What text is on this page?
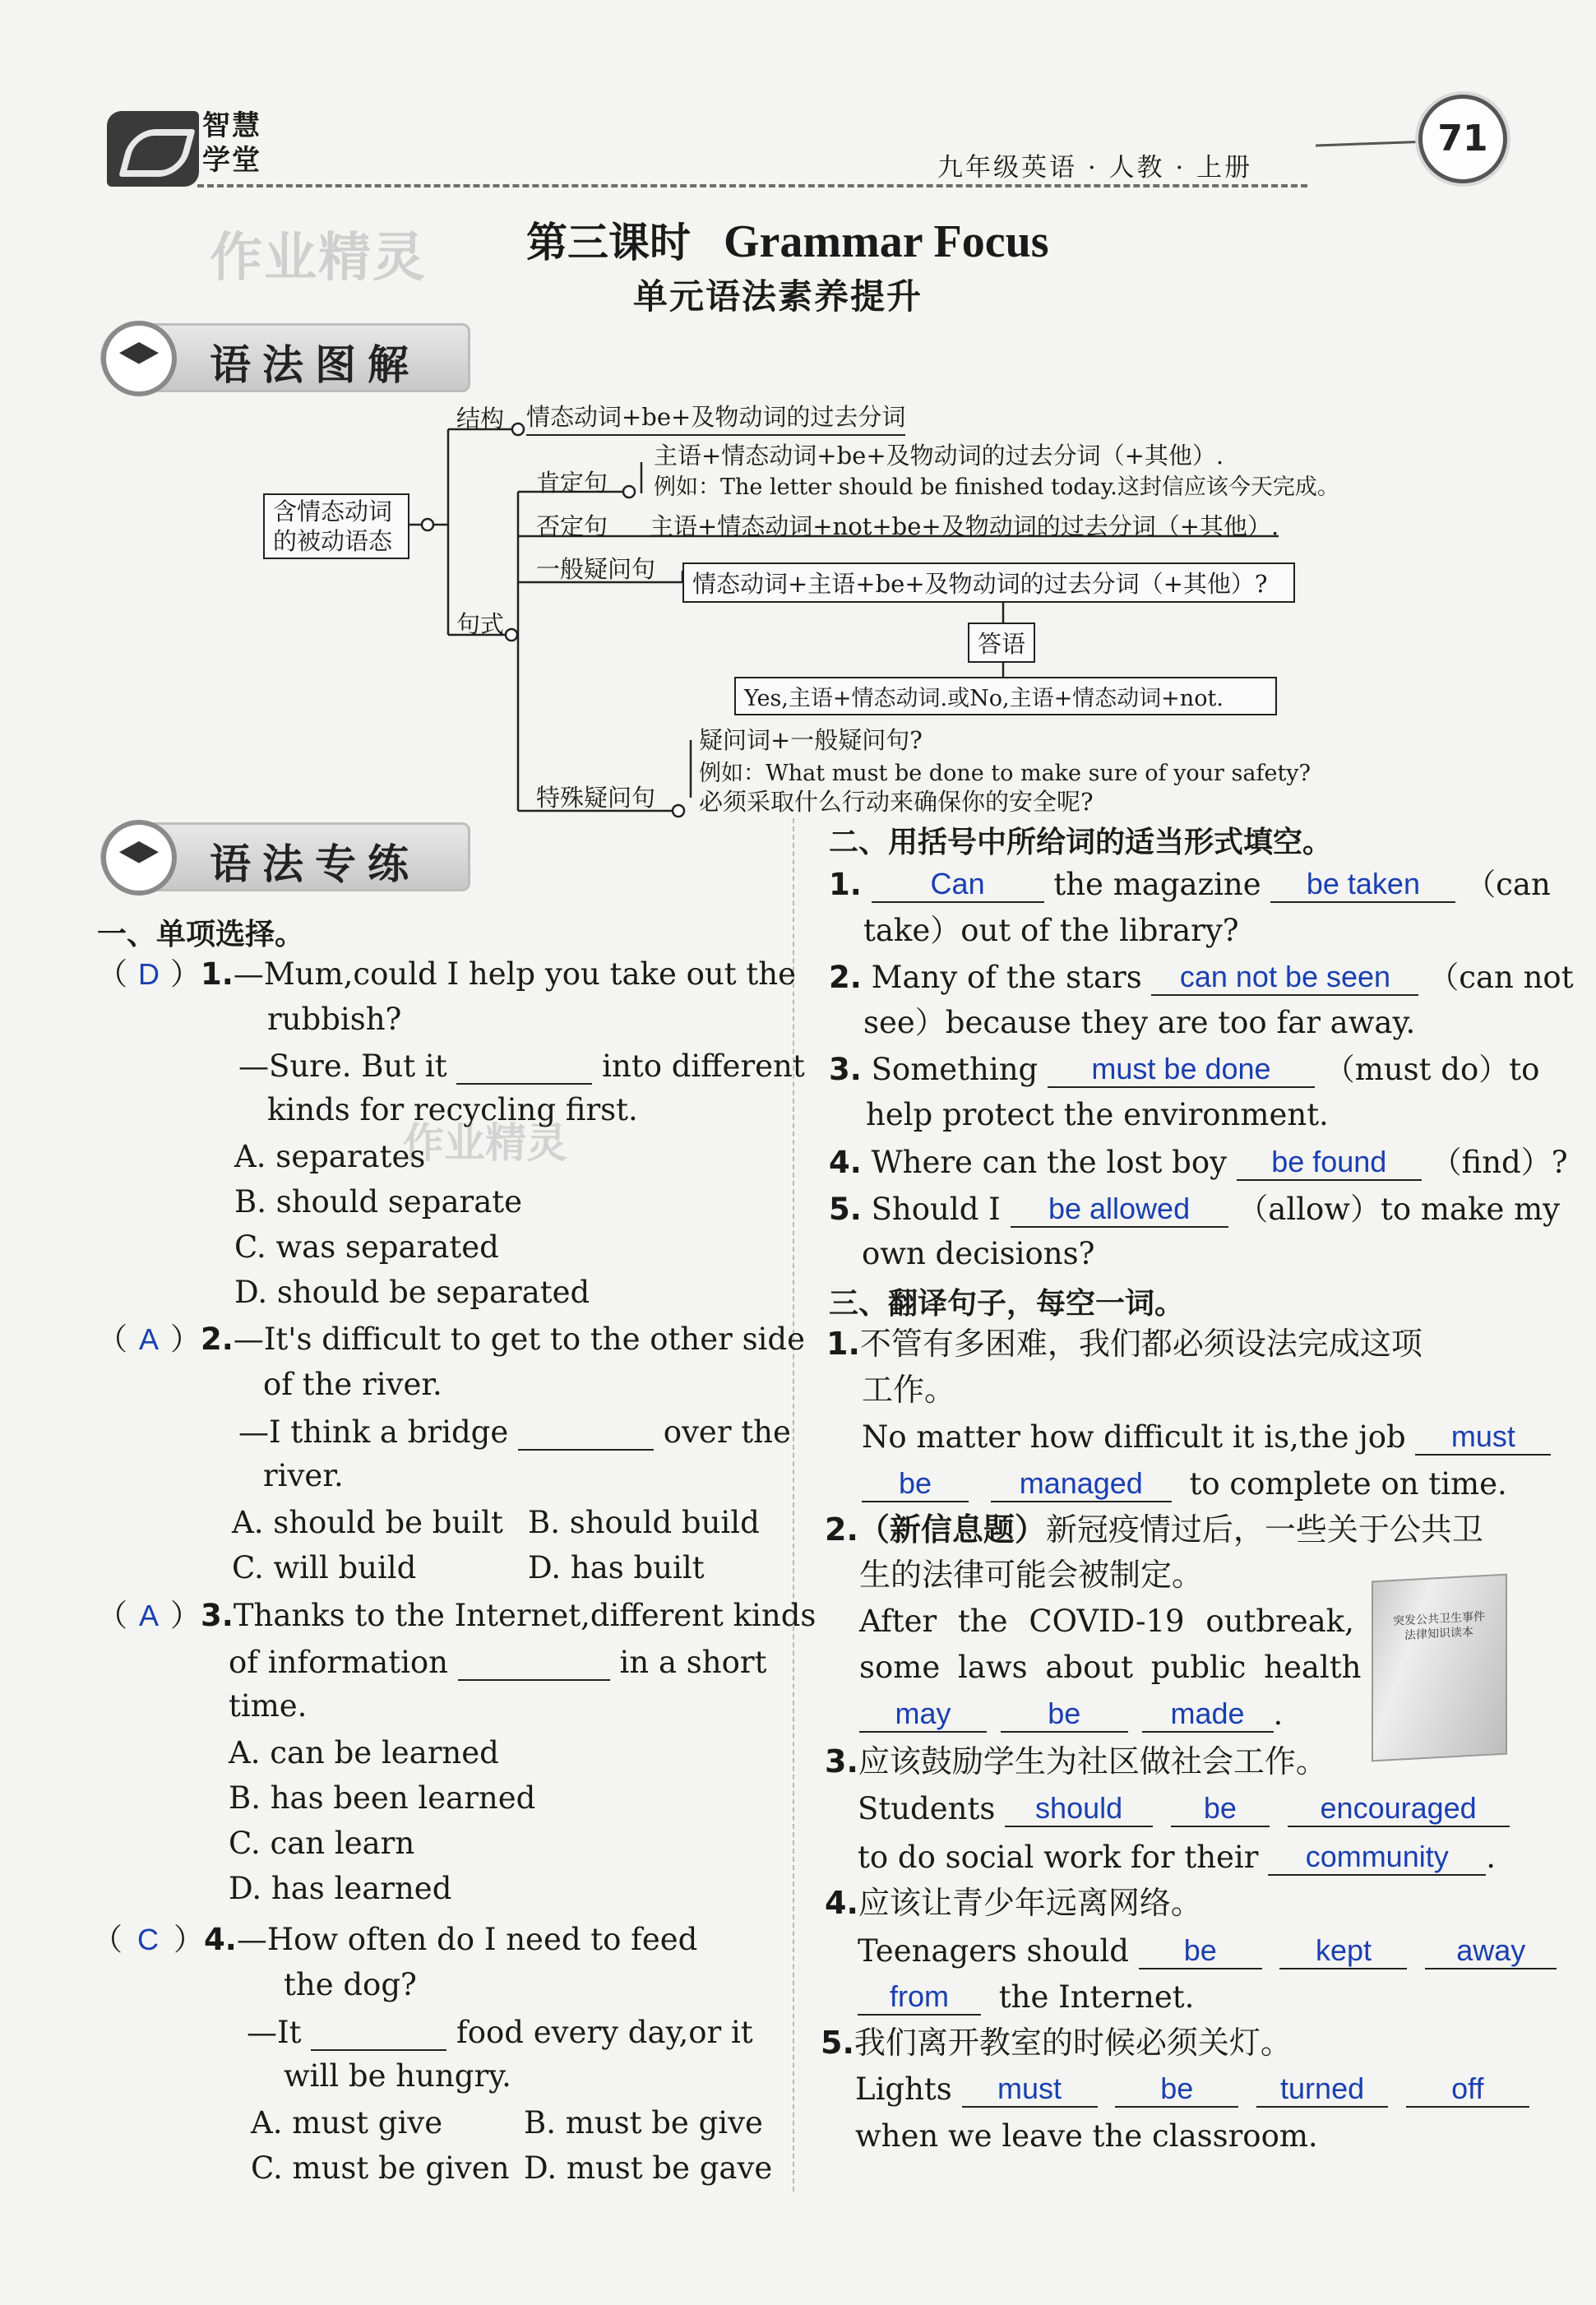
智慧学堂	九年级英语 · 人教 · 上册
71
作业精灵 第三课时 Grammar Focus
单元语法素养提升
语法图解
含情态动词的被动语态
结构 情态动词+be+及物动词的过去分词
句式
肯定句
主语+情态动词+be+及物动词的过去分词（+其他）.
例如：The letter should be finished today.这封信应该今天完成。
否定句 主语+情态动词+not+be+及物动词的过去分词（+其他）.
一般疑问句
情态动词+主语+be+及物动词的过去分词（+其他）?
答语
Yes,主语+情态动词.或No,主语+情态动词+not.
特殊疑问句
疑问词+一般疑问句?
例如：What must be done to make sure of your safety?
必须采取什么行动来确保你的安全呢?
语法专练
作业精灵
一、单项选择。
（ D ）1.—Mum,could I help you take out the
rubbish?
—Sure. But it	into different
kinds for recycling first.
A. separates
B. should separate
C. was separated
D. should be separated
（ A ）2.—It's difficult to get to the other side
of the river.
—I think a bridge	over the
river.
A. should be built B. should build
C. will build	D. has built
（ A ）3.Thanks to the Internet,different kinds
of information	in a short
time.
A. can be learned
B. has been learned
C. can learn
D. has learned
（ C ）4.—How often do I need to feed
the dog?
—It	food every day,or it
will be hungry.
A. must give	B. must be give
C. must be given D. must be gave
二、用括号中所给词的适当形式填空。
1. Can the magazine be taken （can
take）out of the library?
2. Many of the stars can not be seen （can not
see）because they are too far away.
3. Something must be done （must do）to
help protect the environment.
4. Where can the lost boy be found （find）?
5. Should I be allowed （allow）to make my
own decisions?
三、翻译句子，每空一词。
1.不管有多困难，我们都必须设法完成这项
工作。
No matter how difficult it is,the job must
be	managed to complete on time.
2.（新信息题）新冠疫情过后，一些关于公共卫
生的法律可能会被制定。
After the COVID-19 outbreak,
some laws about public health
may	be	made .
突发公共卫生事件法律知识读本
3.应该鼓励学生为社区做社会工作。
Students should	be	encouraged
to do social work for their community .
4.应该让青少年远离网络。
Teenagers should be	kept	away
from the Internet.
5.我们离开教室的时候必须关灯。
Lights must	be	turned	off
when we leave the classroom.
